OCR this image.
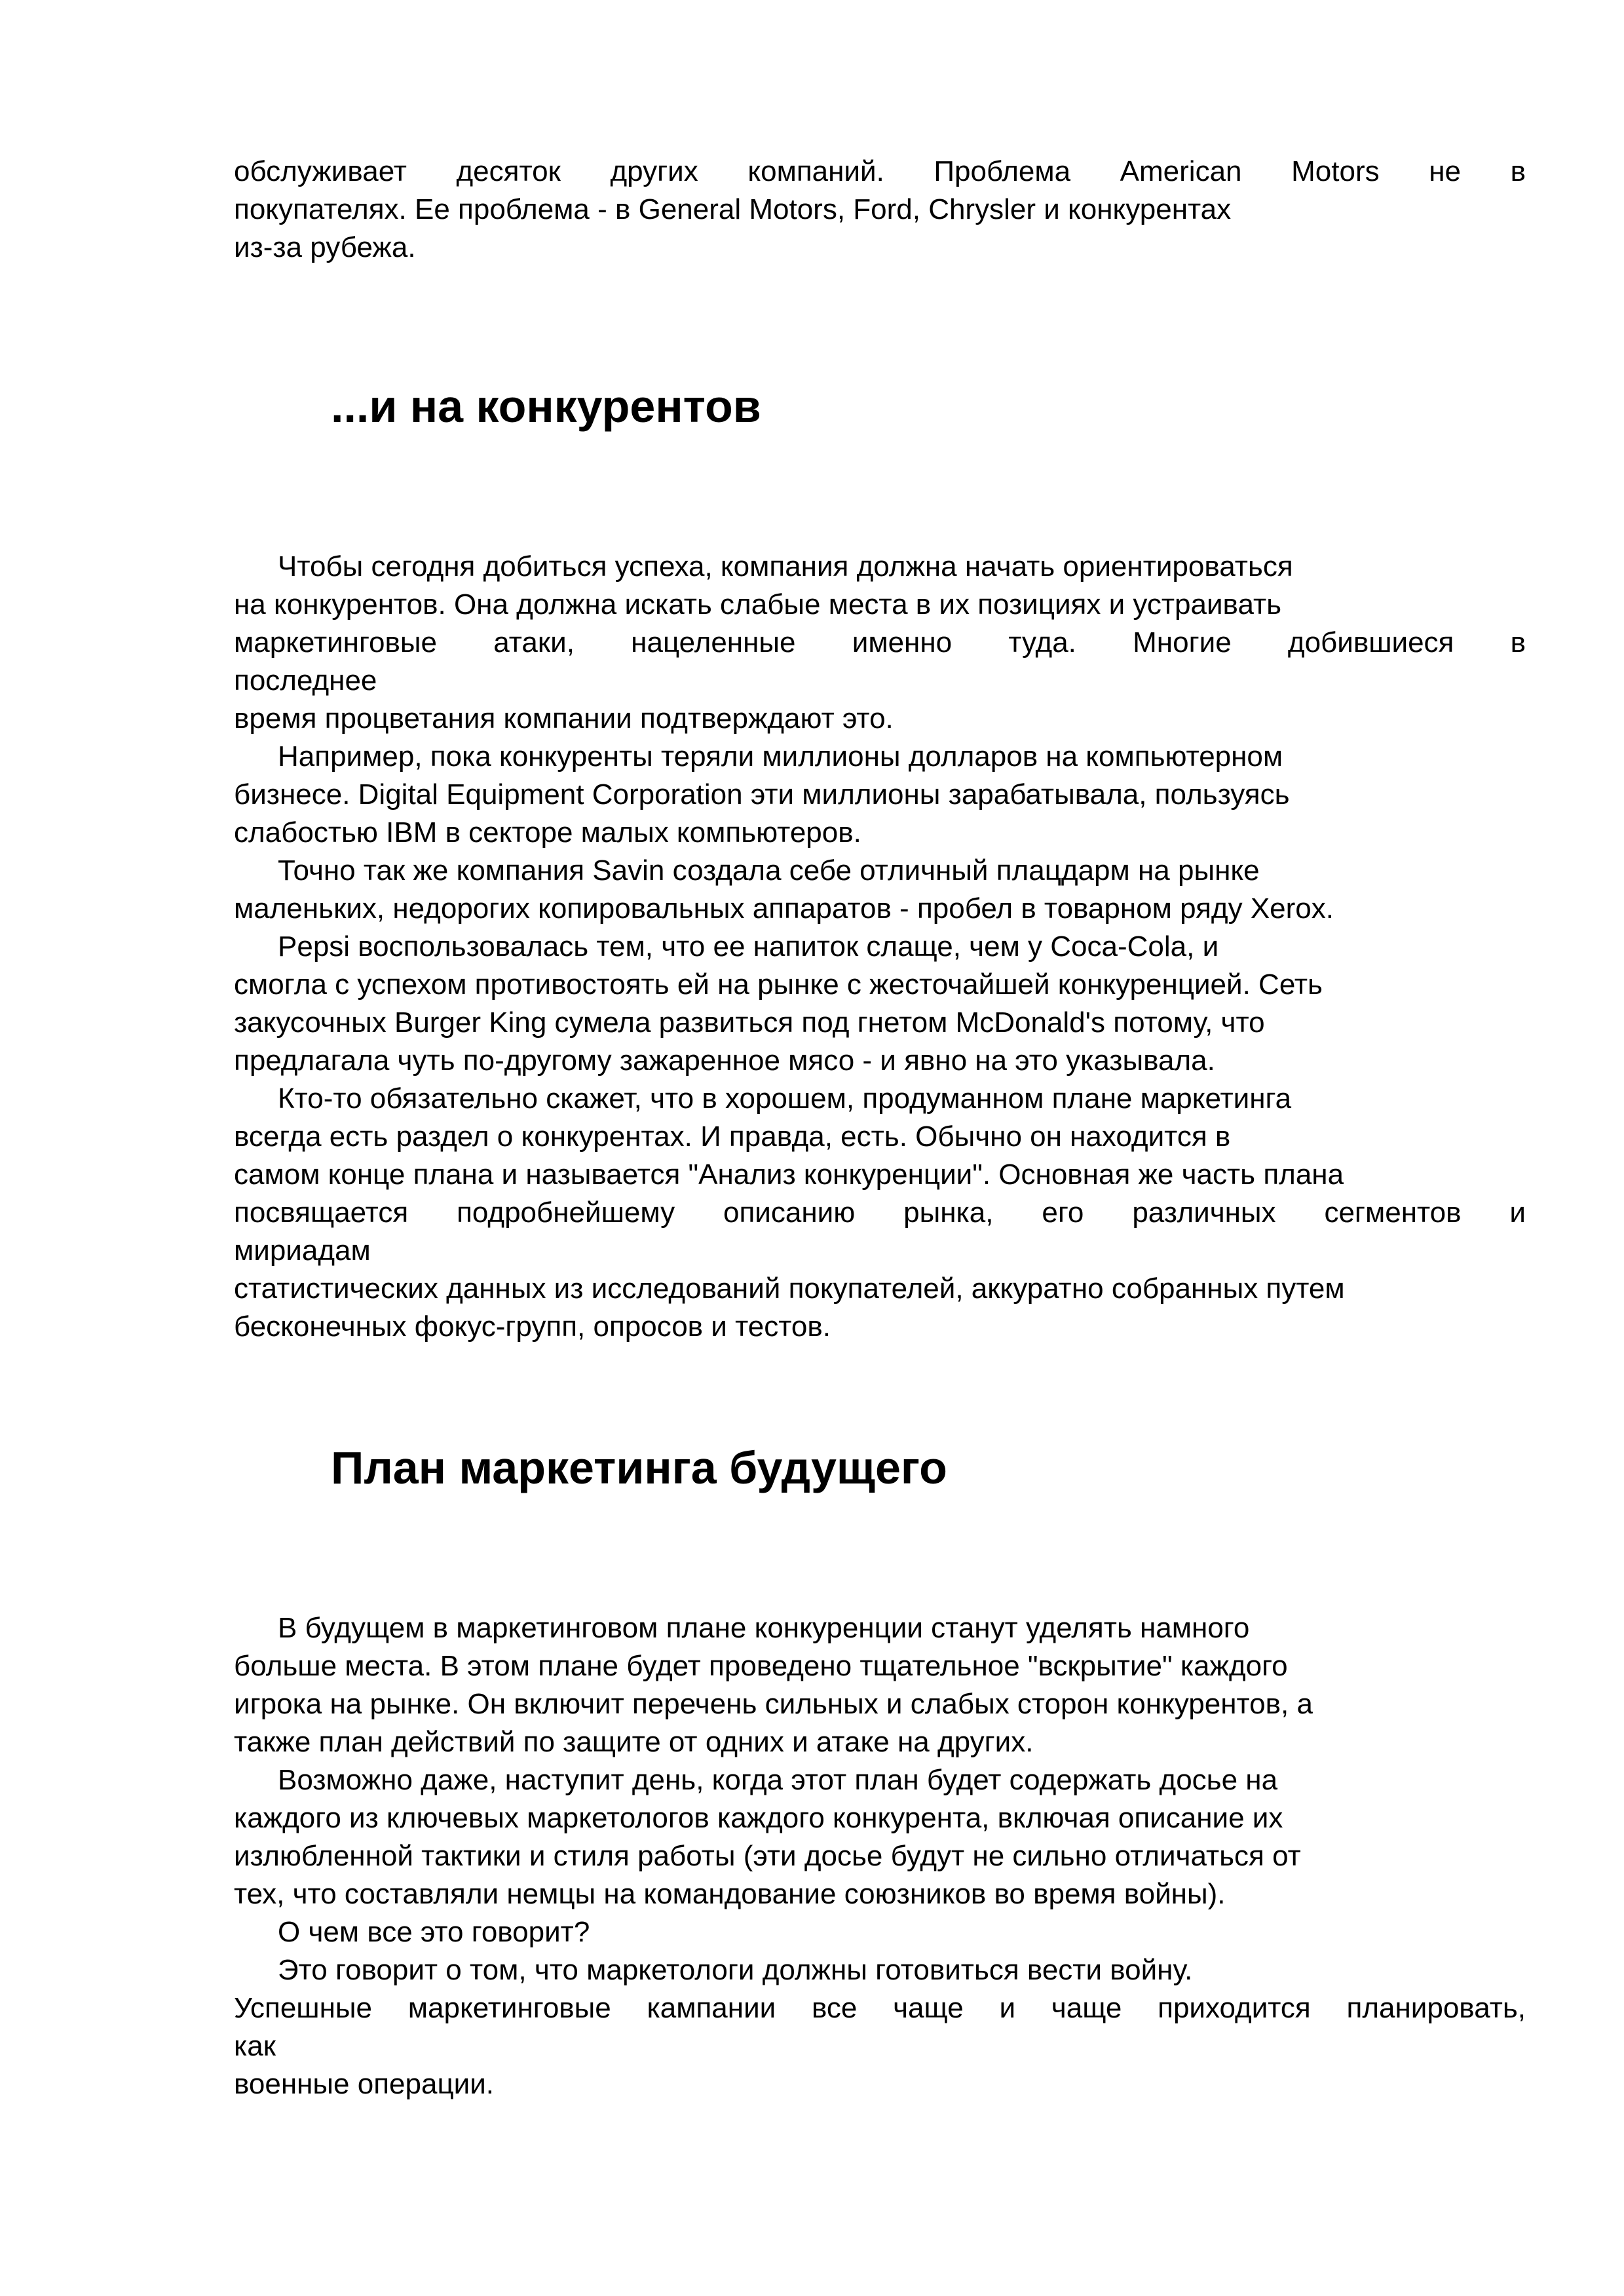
обслуживает десяток других компаний. Проблема American Motors не в
покупателях. Ее проблема - в General Motors, Ford, Chrysler и конкурентах
из-за рубежа.
...и на конкурентов
Чтобы сегодня добиться успеха, компания должна начать ориентироваться
на конкурентов. Она должна искать слабые места в их позициях и устраивать
маркетинговые атаки, нацеленные именно туда. Многие добившиеся в
последнее
время процветания компании подтверждают это.
Например, пока конкуренты теряли миллионы долларов на компьютерном
бизнесе. Digital Equipment Corporation эти миллионы зарабатывала, пользуясь
слабостью IBM в секторе малых компьютеров.
Точно так же компания Savin создала себе отличный плацдарм на рынке
маленьких, недорогих копировальных аппаратов - пробел в товарном ряду Xerox.
Pepsi воспользовалась тем, что ее напиток слаще, чем у Coca-Cola, и
смогла с успехом противостоять ей на рынке с жесточайшей конкуренцией. Сеть
закусочных Burger King сумела развиться под гнетом McDonald's потому, что
предлагала чуть по-другому зажаренное мясо - и явно на это указывала.
Кто-то обязательно скажет, что в хорошем, продуманном плане маркетинга
всегда есть раздел о конкурентах. И правда, есть. Обычно он находится в
самом конце плана и называется "Анализ конкуренции". Основная же часть плана
посвящается подробнейшему описанию рынка, его различных сегментов и
мириадам
статистических данных из исследований покупателей, аккуратно собранных путем
бесконечных фокус-групп, опросов и тестов.
План маркетинга будущего
В будущем в маркетинговом плане конкуренции станут уделять намного
больше места. В этом плане будет проведено тщательное "вскрытие" каждого
игрока на рынке. Он включит перечень сильных и слабых сторон конкурентов, а
также план действий по защите от одних и атаке на других.
Возможно даже, наступит день, когда этот план будет содержать досье на
каждого из ключевых маркетологов каждого конкурента, включая описание их
излюбленной тактики и стиля работы (эти досье будут не сильно отличаться от
тех, что составляли немцы на командование союзников во время войны).
О чем все это говорит?
Это говорит о том, что маркетологи должны готовиться вести войну.
Успешные маркетинговые кампании все чаще и чаще приходится планировать,
как
военные операции.
